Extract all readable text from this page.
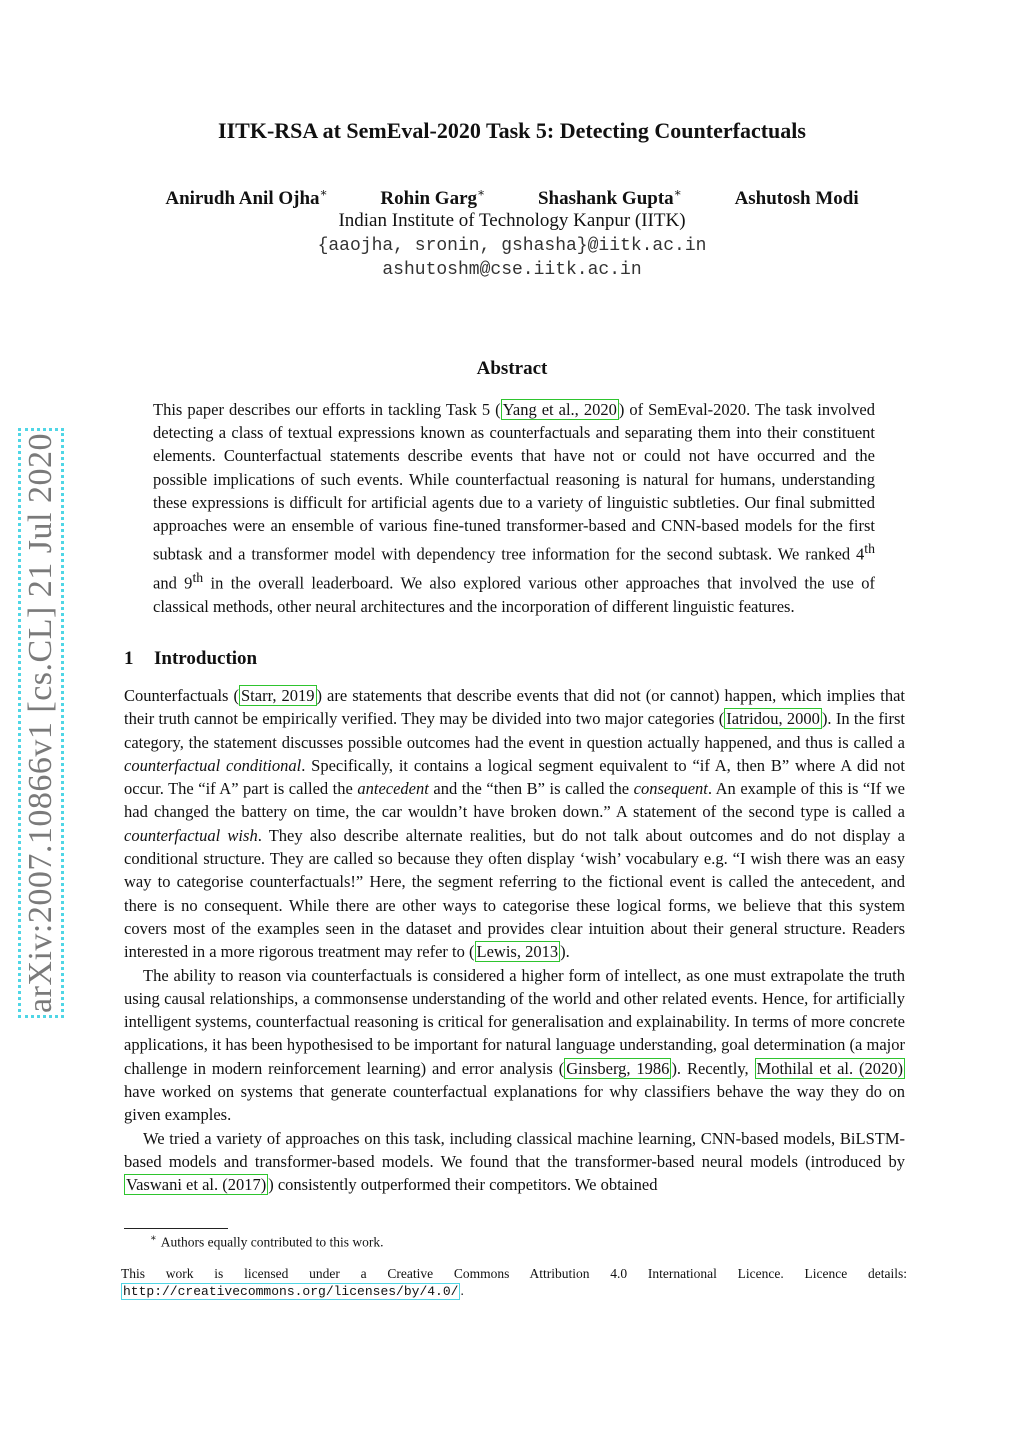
arXiv:2007.10866v1 [cs.CL] 21 Jul 2020
IITK-RSA at SemEval-2020 Task 5: Detecting Counterfactuals
Anirudh Anil Ojha∗	Rohin Garg∗	Shashank Gupta∗	Ashutosh Modi
Indian Institute of Technology Kanpur (IITK)
{aaojha, sronin, gshasha}@iitk.ac.in
ashutoshm@cse.iitk.ac.in
Abstract
This paper describes our efforts in tackling Task 5 ( Yang et al., 2020 ) of SemEval-2020. The task involved detecting a class of textual expressions known as counterfactuals and separating them into their constituent elements. Counterfactual statements describe events that have not or could not have occurred and the possible implications of such events. While counterfactual reasoning is natural for humans, understanding these expressions is difficult for artificial agents due to a variety of linguistic subtleties. Our final submitted approaches were an ensemble of various fine-tuned transformer-based and CNN-based models for the first subtask and a transformer model with dependency tree information for the second subtask. We ranked 4th and 9th in the overall leaderboard. We also explored various other approaches that involved the use of classical methods, other neural architectures and the incorporation of different linguistic features.
1 Introduction

Counterfactuals ( Starr, 2019 ) are statements that describe events that did not (or cannot) happen, which implies that their truth cannot be empirically verified. They may be divided into two major categories ( Iatridou, 2000 ). In the first category, the statement discusses possible outcomes had the event in question actually happened, and thus is called a counterfactual conditional. Specifically, it contains a logical segment equivalent to “if A, then B” where A did not occur. The “if A” part is called the antecedent and the “then B” is called the consequent. An example of this is “If we had changed the battery on time, the car wouldn’t have broken down.” A statement of the second type is called a counterfactual wish. They also describe alternate realities, but do not talk about outcomes and do not display a conditional structure. They are called so because they often display ‘wish’ vocabulary e.g. “I wish there was an easy way to categorise counterfactuals!” Here, the segment referring to the fictional event is called the antecedent, and there is no consequent. While there are other ways to categorise these logical forms, we believe that this system covers most of the examples seen in the dataset and provides clear intuition about their general structure. Readers interested in a more rigorous treatment may refer to ( Lewis, 2013 ).

The ability to reason via counterfactuals is considered a higher form of intellect, as one must extrapolate the truth using causal relationships, a commonsense understanding of the world and other related events. Hence, for artificially intelligent systems, counterfactual reasoning is critical for generalisation and explainability. In terms of more concrete applications, it has been hypothesised to be important for natural language understanding, goal determination (a major challenge in modern reinforcement learning) and error analysis ( Ginsberg, 1986 ). Recently, Mothilal et al. (2020) have worked on systems that generate counterfactual explanations for why classifiers behave the way they do on given examples.

We tried a variety of approaches on this task, including classical machine learning, CNN-based models, BiLSTM-based models and transformer-based models. We found that the transformer-based neural models (introduced by Vaswani et al. (2017) ) consistently outperformed their competitors. We obtained

∗ Authors equally contributed to this work.
This work is licensed under a Creative Commons Attribution 4.0 International Licence. Licence details:
http://creativecommons.org/licenses/by/4.0/ .
